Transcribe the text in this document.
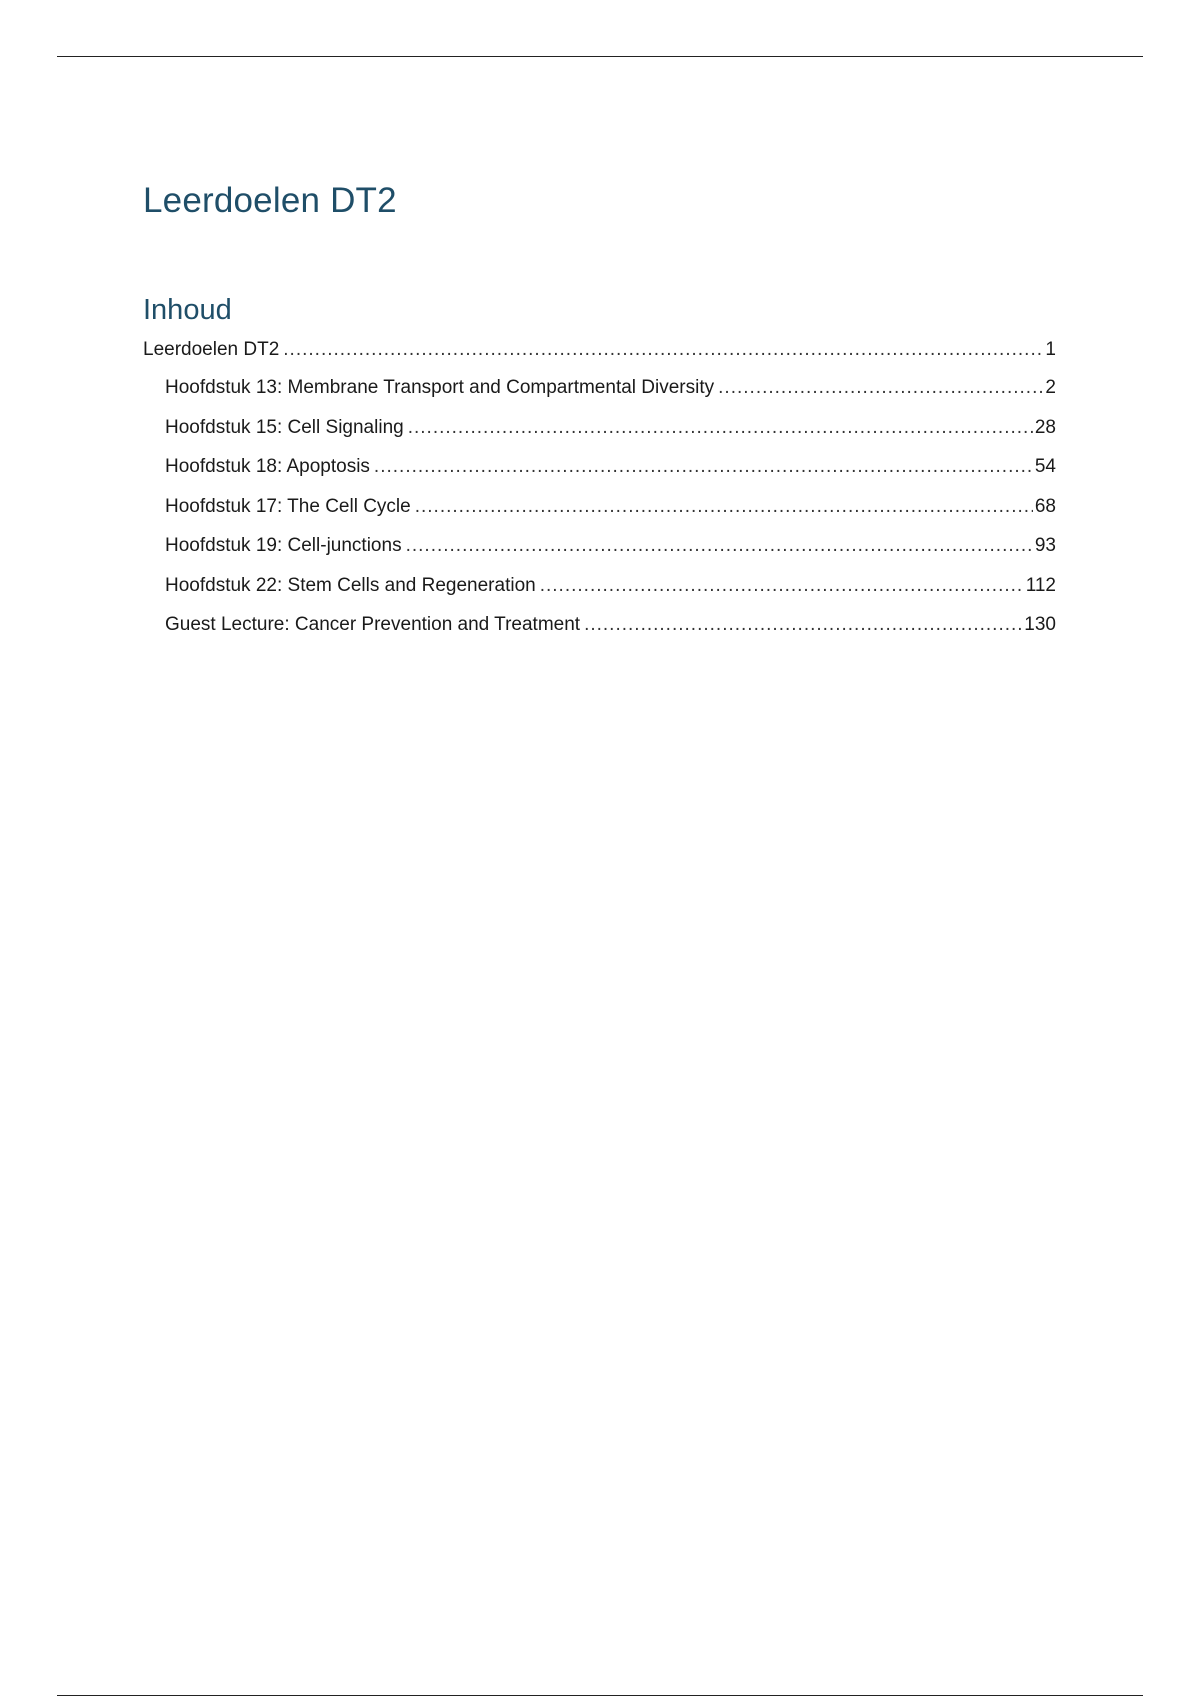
Leerdoelen DT2
Inhoud
Leerdoelen DT2 .....	1
Hoofdstuk 13: Membrane Transport and Compartmental Diversity .....	2
Hoofdstuk 15: Cell Signaling .....	28
Hoofdstuk 18: Apoptosis .....	54
Hoofdstuk 17: The Cell Cycle .....	68
Hoofdstuk 19: Cell-junctions .....	93
Hoofdstuk 22: Stem Cells and Regeneration .....	112
Guest Lecture: Cancer Prevention and Treatment .....	130
